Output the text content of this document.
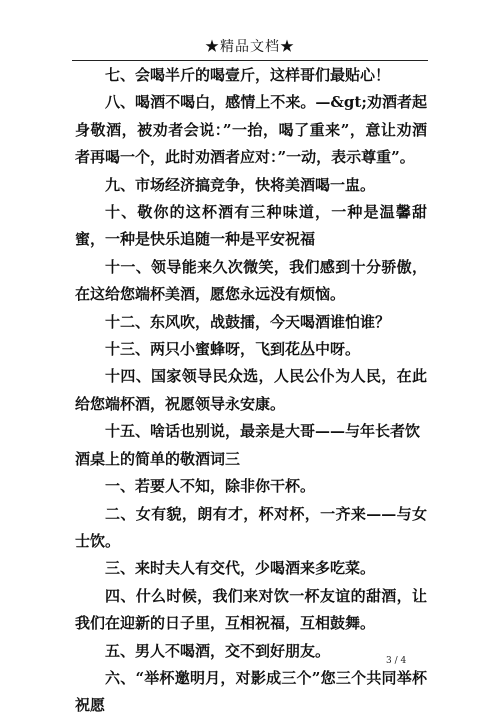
★精品文档★

七、会喝半斤的喝壹斤，这样哥们最贴心！

八、喝酒不喝白，感情上不来。—&gt;劝酒者起身敬酒，被劝者会说：”一抬，喝了重来”，意让劝酒者再喝一个，此时劝酒者应对：”一动，表示尊重”。

九、市场经济搞竞争，快将美酒喝一盅。

十、敬你的这杯酒有三种味道，一种是温馨甜蜜，一种是快乐追随一种是平安祝福

十一、领导能来久次微笑，我们感到十分骄傲，在这给您端杯美酒，愿您永远没有烦恼。

十二、东风吹，战鼓擂，今天喝酒谁怕谁？

十三、两只小蜜蜂呀，飞到花丛中呀。

十四、国家领导民众选，人民公仆为人民，在此给您端杯酒，祝愿领导永安康。

十五、啥话也别说，最亲是大哥——与年长者饮

酒桌上的简单的敬酒词三

一、若要人不知，除非你干杯。

二、女有貌，朗有才，杯对杯，一齐来——与女士饮。

三、来时夫人有交代，少喝酒来多吃菜。

四、什么时候，我们来对饮一杯友谊的甜酒，让我们在迎新的日子里，互相祝福，互相鼓舞。

五、男人不喝酒，交不到好朋友。

六、“举杯邀明月，对影成三个”您三个共同举杯祝愿

3 / 4
